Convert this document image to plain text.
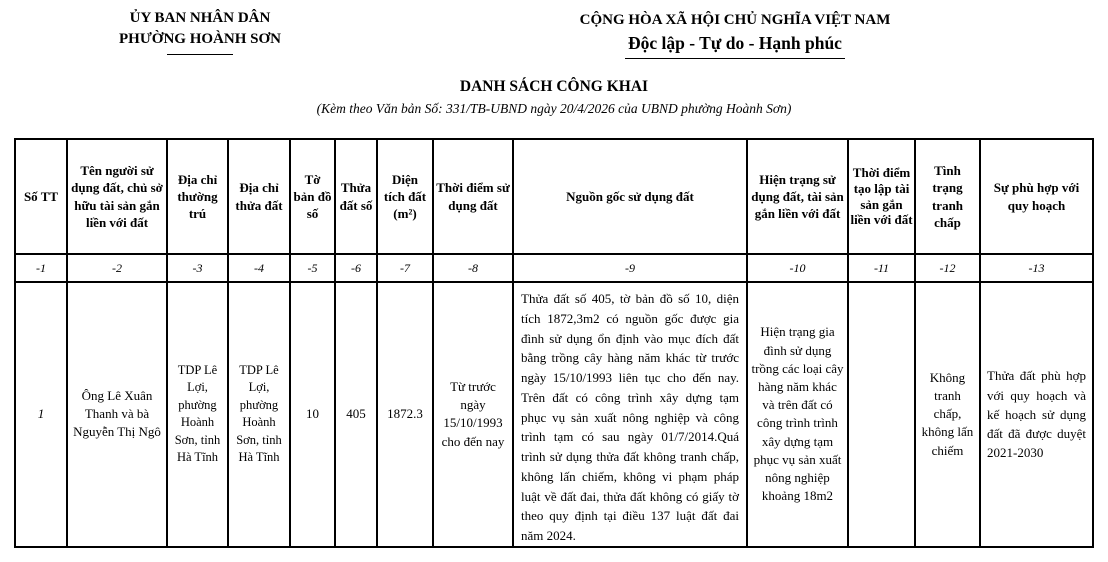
ỦY BAN NHÂN DÂN
PHƯỜNG HOÀNH SƠN
CỘNG HÒA XÃ HỘI CHỦ NGHĨA VIỆT NAM
Độc lập - Tự do - Hạnh phúc
DANH SÁCH CÔNG KHAI
(Kèm theo Văn bản Số: 331/TB-UBND ngày 20/4/2026 của UBND phường Hoành Sơn)
Số TT	Tên người sử dụng đất, chủ sở hữu tài sản gắn liền với đất	Địa chỉ thường trú	Địa chỉ thửa đất	Tờ bản đồ số	Thửa đất số	Diện tích đất (m²)	Thời điểm sử dụng đất	Nguồn gốc sử dụng đất	Hiện trạng sử dụng đất, tài sản gắn liền với đất	Thời điểm tạo lập tài sản gắn liền với đất	Tình trạng tranh chấp	Sự phù hợp với quy hoạch
-1	-2	-3	-4	-5	-6	-7	-8	-9	-10	-11	-12	-13
1	Ông Lê Xuân Thanh và bà Nguyễn Thị Ngô	TDP Lê Lợi, phường Hoành Sơn, tỉnh Hà Tĩnh	TDP Lê Lợi, phường Hoành Sơn, tỉnh Hà Tĩnh	10	405	1872.3	Từ trước ngày 15/10/1993 cho đến nay	Thửa đất số 405, tờ bản đồ số 10, diện tích 1872,3m2 có nguồn gốc được gia đình sử dụng ổn định vào mục đích đất bằng trồng cây hàng năm khác từ trước ngày 15/10/1993 liên tục cho đến nay. Trên đất có công trình xây dựng tạm phục vụ sản xuất nông nghiệp và công trình tạm có sau ngày 01/7/2014.Quá trình sử dụng thửa đất không tranh chấp, không lấn chiếm, không vi phạm pháp luật về đất đai, thửa đất không có giấy tờ theo quy định tại điều 137 luật đất đai năm 2024.	Hiện trạng gia đình sử dụng trồng các loại cây hàng năm khác và trên đất có công trình trình xây dựng tạm phục vụ sản xuất nông nghiệp khoảng 18m2		Không tranh chấp, không lấn chiếm	Thửa đất phù hợp với quy hoạch và kế hoạch sử dụng đất đã được duyệt 2021-2030
